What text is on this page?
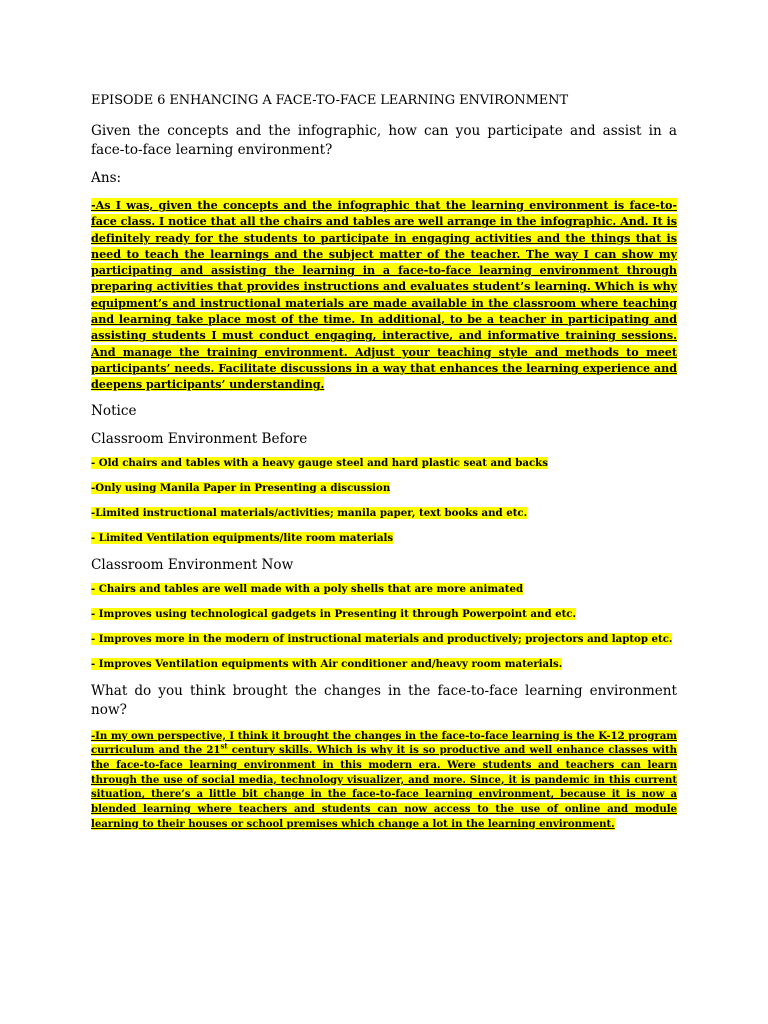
EPISODE 6 ENHANCING A FACE-TO-FACE LEARNING ENVIRONMENT
Given the concepts and the infographic, how can you participate and assist in a face-to-face learning environment?
Ans:
-As I was, given the concepts and the infographic that the learning environment is face-to-face class. I notice that all the chairs and tables are well arrange in the infographic. And. It is definitely ready for the students to participate in engaging activities and the things that is need to teach the learnings and the subject matter of the teacher. The way I can show my participating and assisting the learning in a face-to-face learning environment through preparing activities that provides instructions and evaluates student’s learning. Which is why equipment’s and instructional materials are made available in the classroom where teaching and learning take place most of the time. In additional, to be a teacher in participating and assisting students I must conduct engaging, interactive, and informative training sessions. And manage the training environment. Adjust your teaching style and methods to meet participants’ needs. Facilitate discussions in a way that enhances the learning experience and deepens participants’ understanding.
Notice
Classroom Environment Before
- Old chairs and tables with a heavy gauge steel and hard plastic seat and backs
-Only using Manila Paper in Presenting a discussion
-Limited instructional materials/activities; manila paper, text books and etc.
- Limited Ventilation equipments/lite room materials
Classroom Environment Now
- Chairs and tables are well made with a poly shells that are more animated
- Improves using technological gadgets in Presenting it through Powerpoint and etc.
- Improves more in the modern of instructional materials and productively; projectors and laptop etc.
- Improves Ventilation equipments with Air conditioner and/heavy room materials.
What do you think brought the changes in the face-to-face learning environment now?
-In my own perspective, I think it brought the changes in the face-to-face learning is the K-12 program curriculum and the 21st century skills. Which is why it is so productive and well enhance classes with the face-to-face learning environment in this modern era. Were students and teachers can learn through the use of social media, technology visualizer, and more. Since, it is pandemic in this current situation, there’s a little bit change in the face-to-face learning environment, because it is now a blended learning where teachers and students can now access to the use of online and module learning to their houses or school premises which change a lot in the learning environment.
